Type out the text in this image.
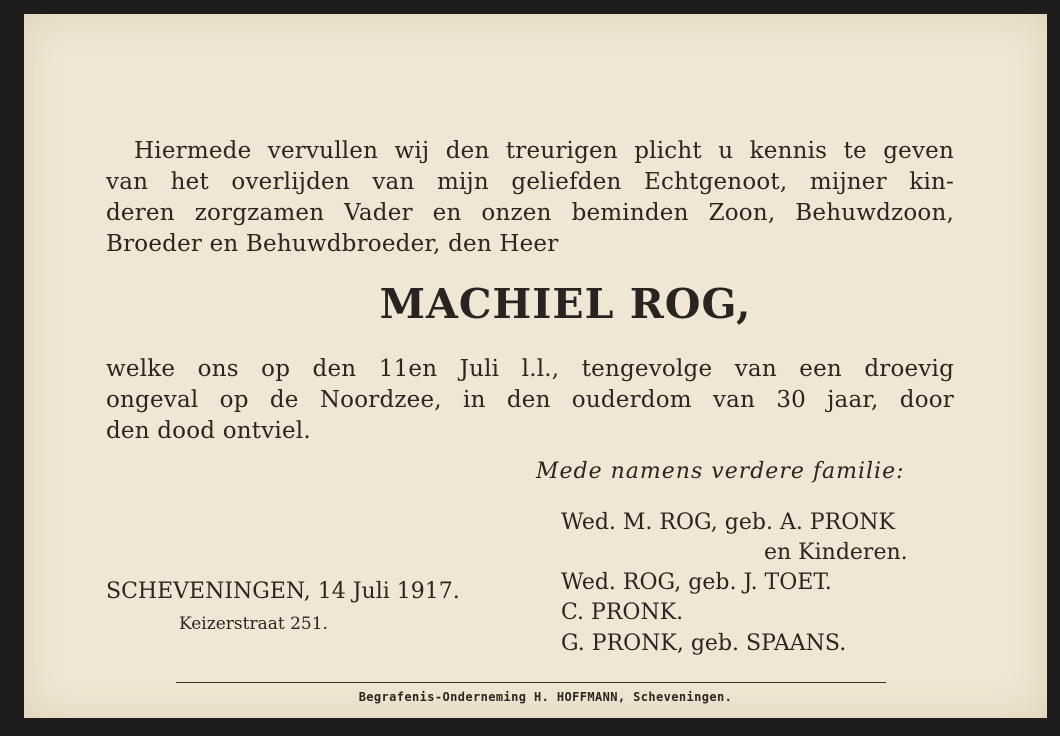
Hiermede vervullen wij den treurigen plicht u kennis te geven
van het overlijden van mijn geliefden Echtgenoot, mijner kin-
deren zorgzamen Vader en onzen beminden Zoon, Behuwdzoon,
Broeder en Behuwdbroeder, den Heer
MACHIEL ROG,
welke ons op den 11en Juli l.l., tengevolge van een droevig
ongeval op de Noordzee, in den ouderdom van 30 jaar, door
den dood ontviel.
Mede namens verdere familie:
Wed. M. ROG, geb. A. PRONK
en Kinderen.
Wed. ROG, geb. J. TOET.
C. PRONK.
G. PRONK, geb. SPAANS.
SCHEVENINGEN, 14 Juli 1917.
Keizerstraat 251.
Begrafenis-Onderneming H. HOFFMANN, Scheveningen.
